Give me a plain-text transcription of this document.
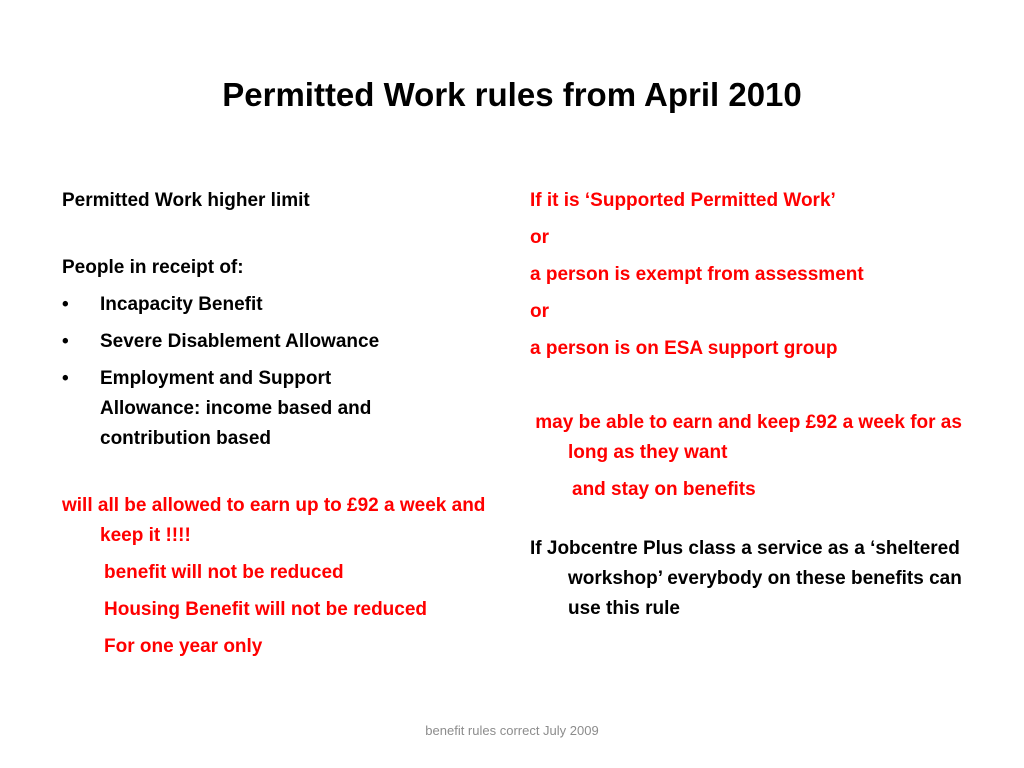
Permitted Work rules from April 2010
Permitted Work higher limit
People in receipt of:
• Incapacity Benefit
• Severe Disablement Allowance
• Employment and Support Allowance: income based and contribution based
will all be allowed to earn up to £92 a week and keep it !!!!
benefit will not be reduced
Housing Benefit will not be reduced
For one year only
If it is ‘Supported Permitted Work’
or
a person is exempt from assessment
or
a person is on ESA support group
may be able to earn and keep £92 a week for as long as they want
and stay on benefits
If Jobcentre Plus class a service as a ‘sheltered workshop’ everybody on these benefits can use this rule
benefit rules correct July 2009
